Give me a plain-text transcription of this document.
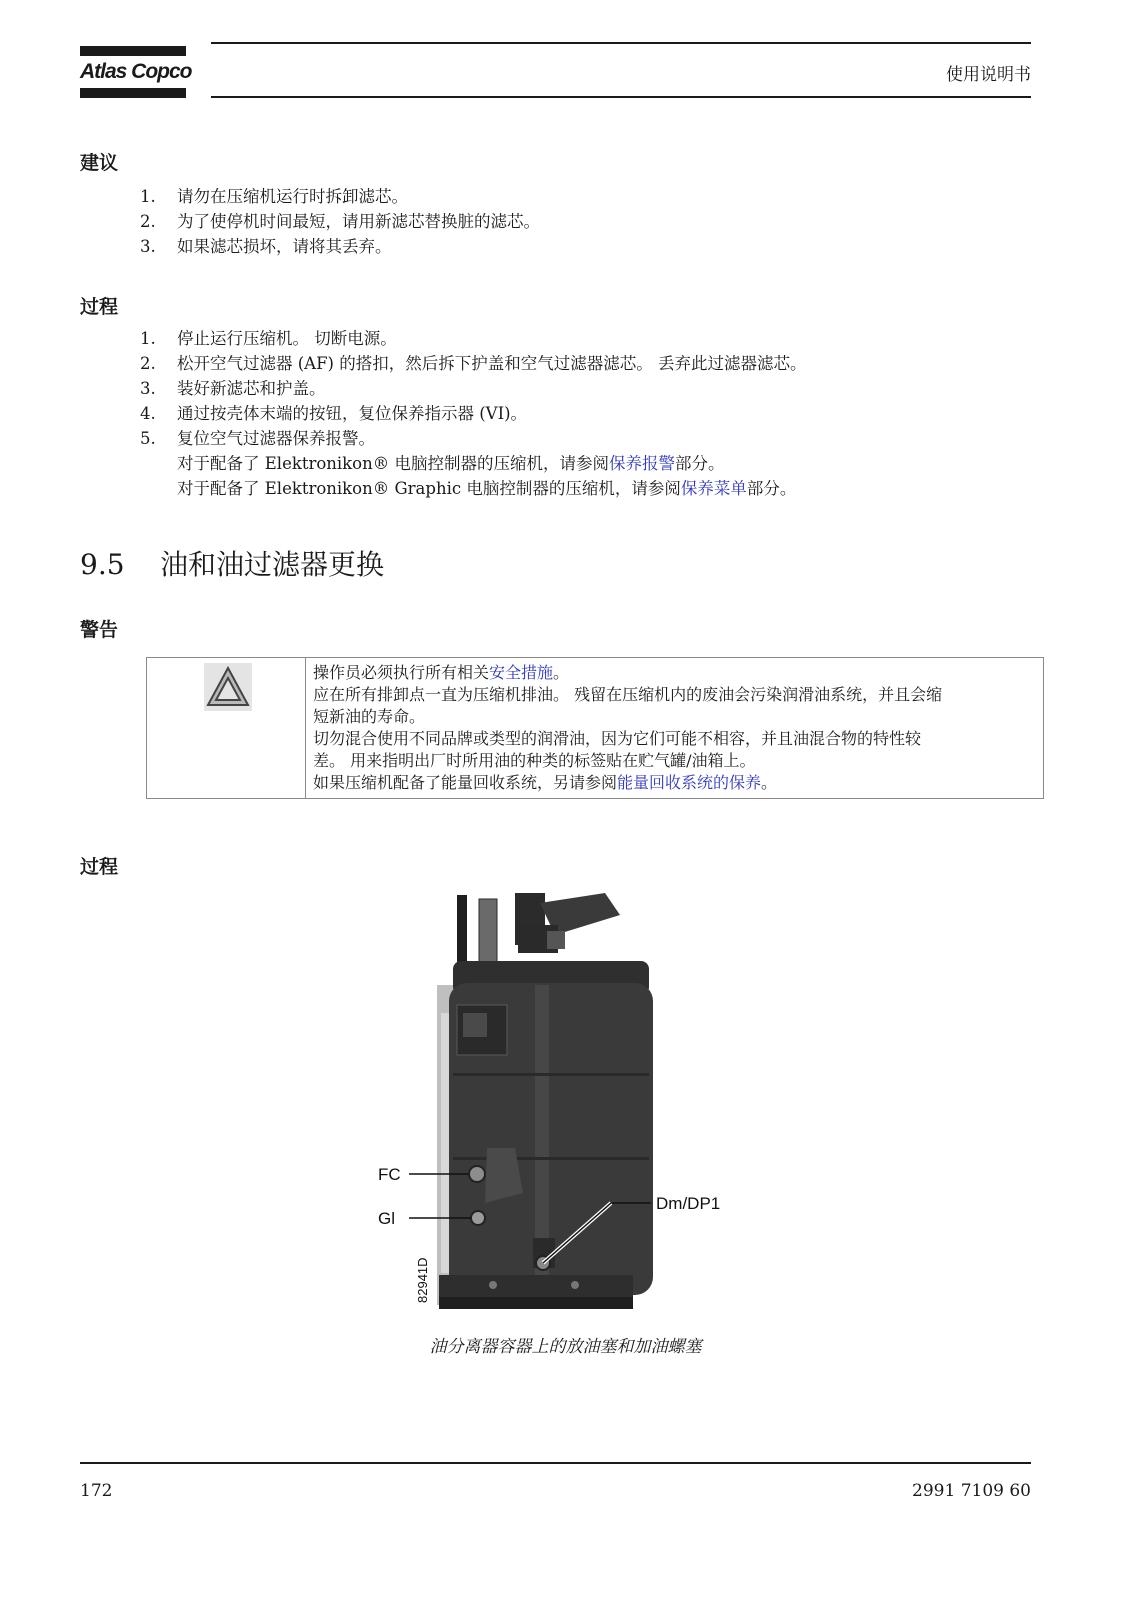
Atlas Copco	使用说明书
建议
1.	请勿在压缩机运行时拆卸滤芯。
2.	为了使停机时间最短，请用新滤芯替换脏的滤芯。
3.	如果滤芯损坏，请将其丢弃。
过程
1.	停止运行压缩机。 切断电源。
2.	松开空气过滤器 (AF) 的搭扣，然后拆下护盖和空气过滤器滤芯。 丢弃此过滤器滤芯。
3.	装好新滤芯和护盖。
4.	通过按壳体末端的按钮，复位保养指示器 (VI)。
5.	复位空气过滤器保养报警。
对于配备了 Elektronikon® 电脑控制器的压缩机，请参阅保养报警部分。
对于配备了 Elektronikon® Graphic 电脑控制器的压缩机，请参阅保养菜单部分。
9.5 油和油过滤器更换
警告
操作员必须执行所有相关安全措施。
应在所有排卸点一直为压缩机排油。 残留在压缩机内的废油会污染润滑油系统，并且会缩
短新油的寿命。
切勿混合使用不同品牌或类型的润滑油，因为它们可能不相容，并且油混合物的特性较
差。 用来指明出厂时所用油的种类的标签贴在贮气罐/油箱上。
如果压缩机配备了能量回收系统，另请参阅能量回收系统的保养。
过程
FC
Gl
Dm/DP1
82941D
油分离器容器上的放油塞和加油螺塞
172	2991 7109 60
